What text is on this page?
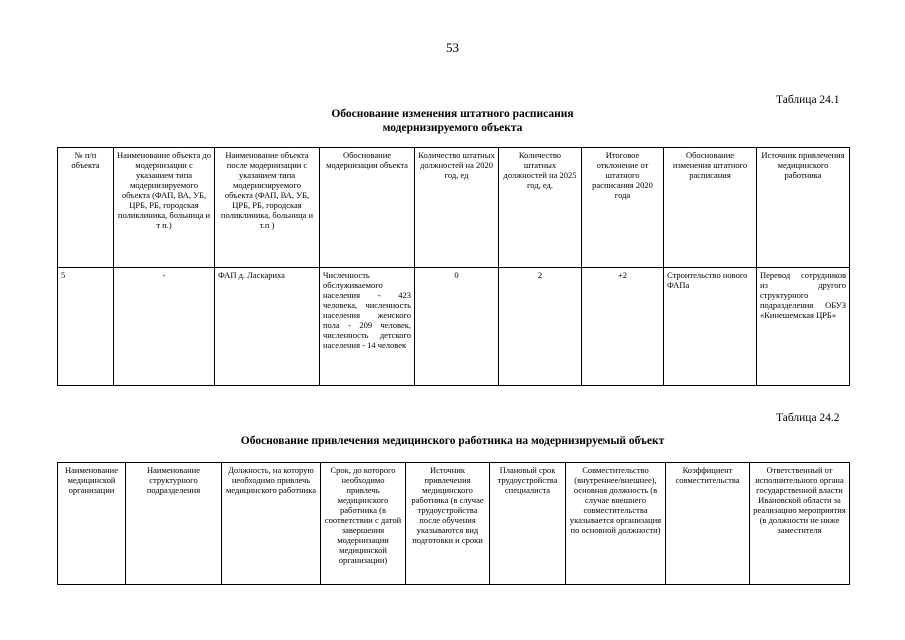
53
Таблица 24.1
Обоснование изменения штатного расписания
модернизируемого объекта
№ п/п объекта	Наименование объекта до модернизации с указанием типа модернизируемого объекта (ФАП, ВА, УБ, ЦРБ, РБ, городская поликлиника, больница и т п.)	Наименование объекта после модернизации с указанием типа модернизируемого объекта (ФАП, ВА, УБ, ЦРБ, РБ, городская поликлиника, больница и т.п )	Обоснование модернизации объекта	Количество штатных должностей на 2020 год, ед	Количество штатных должностей на 2025 год, ед.	Итоговое отклонение от штатного расписания 2020 года	Обоснование изменения штатного расписания	Источник привлечения медицинского работника
5	-	ФАП д. Ласкариха	Численность обслуживаемого населения - 423 человека, численность населения женского пола - 209 человек, численность детского населения - 14 человек	0	2	+2	Строительство нового ФАПа	Перевод сотрудников из другого структурного подразделения ОБУЗ «Кинешемская ЦРБ»
Таблица 24.2
Обоснование привлечения медицинского работника на модернизируемый объект
Наименование медицинской организации	Наименование структурного подразделения	Должность, на которую необходимо привлечь медицинского работника	Срок, до которого необходимо привлечь медицинского работника (в соответствии с датой завершения модернизации медицинской организации)	Источник привлечения медицинского работника (в случае трудоустройства после обучения указываются вид подготовки и сроки	Плановый срок трудоустройства специалиста	Совместительство (внутреннее/внешнее), основная должность (в случае внешнего совместительства указывается организация по основной должности)	Коэффициент совместительства	Ответственный от исполнительного органа государственной власти Ивановской области за реализацию мероприятия (в должности не ниже заместителя
